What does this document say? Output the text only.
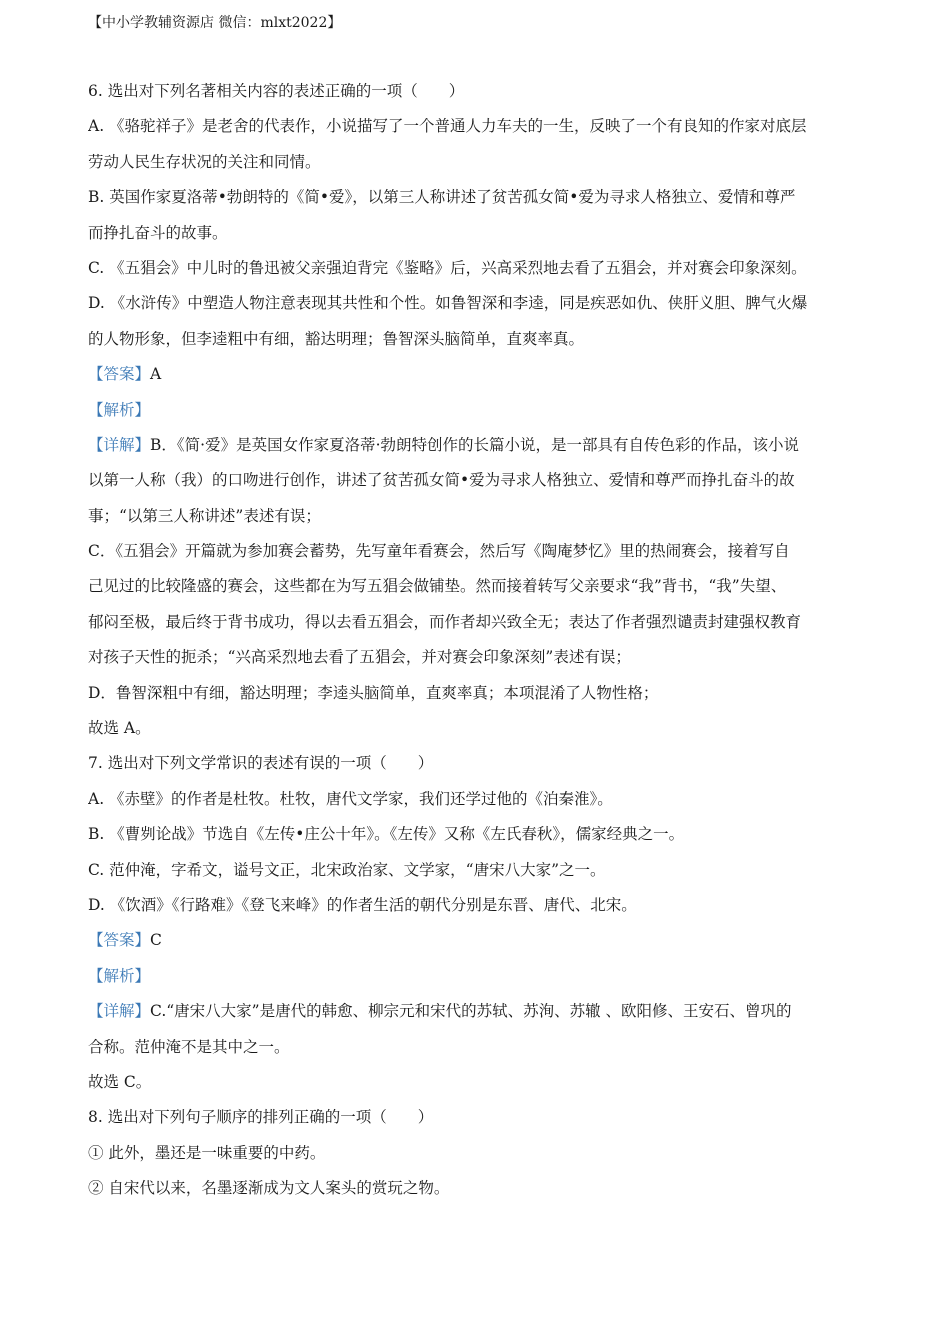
【中小学教辅资源店 微信：mlxt2022】
6. 选出对下列名著相关内容的表述正确的一项（　　）
A. 《骆驼祥子》是老舍的代表作，小说描写了一个普通人力车夫的一生，反映了一个有良知的作家对底层
劳动人民生存状况的关注和同情。
B. 英国作家夏洛蒂•勃朗特的《简•爱》，以第三人称讲述了贫苦孤女简•爱为寻求人格独立、爱情和尊严
而挣扎奋斗的故事。
C. 《五猖会》中儿时的鲁迅被父亲强迫背完《鉴略》后，兴高采烈地去看了五猖会，并对赛会印象深刻。
D. 《水浒传》中塑造人物注意表现其共性和个性。如鲁智深和李逵，同是疾恶如仇、侠肝义胆、脾气火爆
的人物形象，但李逵粗中有细，豁达明理；鲁智深头脑简单，直爽率真。
【答案】A
【解析】
【详解】B．《简·爱》是英国女作家夏洛蒂·勃朗特创作的长篇小说，是一部具有自传色彩的作品，该小说
以第一人称（我）的口吻进行创作，讲述了贫苦孤女简•爱为寻求人格独立、爱情和尊严而挣扎奋斗的故
事；“以第三人称讲述”表述有误；
C．《五猖会》开篇就为参加赛会蓄势，先写童年看赛会，然后写《陶庵梦忆》里的热闹赛会，接着写自
己见过的比较隆盛的赛会，这些都在为写五猖会做铺垫。然而接着转写父亲要求“我”背书，“我”失望、
郁闷至极，最后终于背书成功，得以去看五猖会，而作者却兴致全无；表达了作者强烈谴责封建强权教育
对孩子天性的扼杀；“兴高采烈地去看了五猖会，并对赛会印象深刻”表述有误；
D．鲁智深粗中有细，豁达明理；李逵头脑简单，直爽率真；本项混淆了人物性格；
故选 A。
7. 选出对下列文学常识的表述有误的一项（　　）
A. 《赤壁》的作者是杜牧。杜牧，唐代文学家，我们还学过他的《泊秦淮》。
B. 《曹刿论战》节选自《左传•庄公十年》。《左传》又称《左氏春秋》，儒家经典之一。
C. 范仲淹，字希文，谥号文正，北宋政治家、文学家，“唐宋八大家”之一。
D. 《饮酒》《行路难》《登飞来峰》的作者生活的朝代分别是东晋、唐代、北宋。
【答案】C
【解析】
【详解】C.“唐宋八大家”是唐代的韩愈、柳宗元和宋代的苏轼、苏洵、苏辙 、欧阳修、王安石、曾巩的
合称。范仲淹不是其中之一。
故选 C。
8. 选出对下列句子顺序的排列正确的一项（　　）
① 此外，墨还是一味重要的中药。
② 自宋代以来，名墨逐渐成为文人案头的赏玩之物。
